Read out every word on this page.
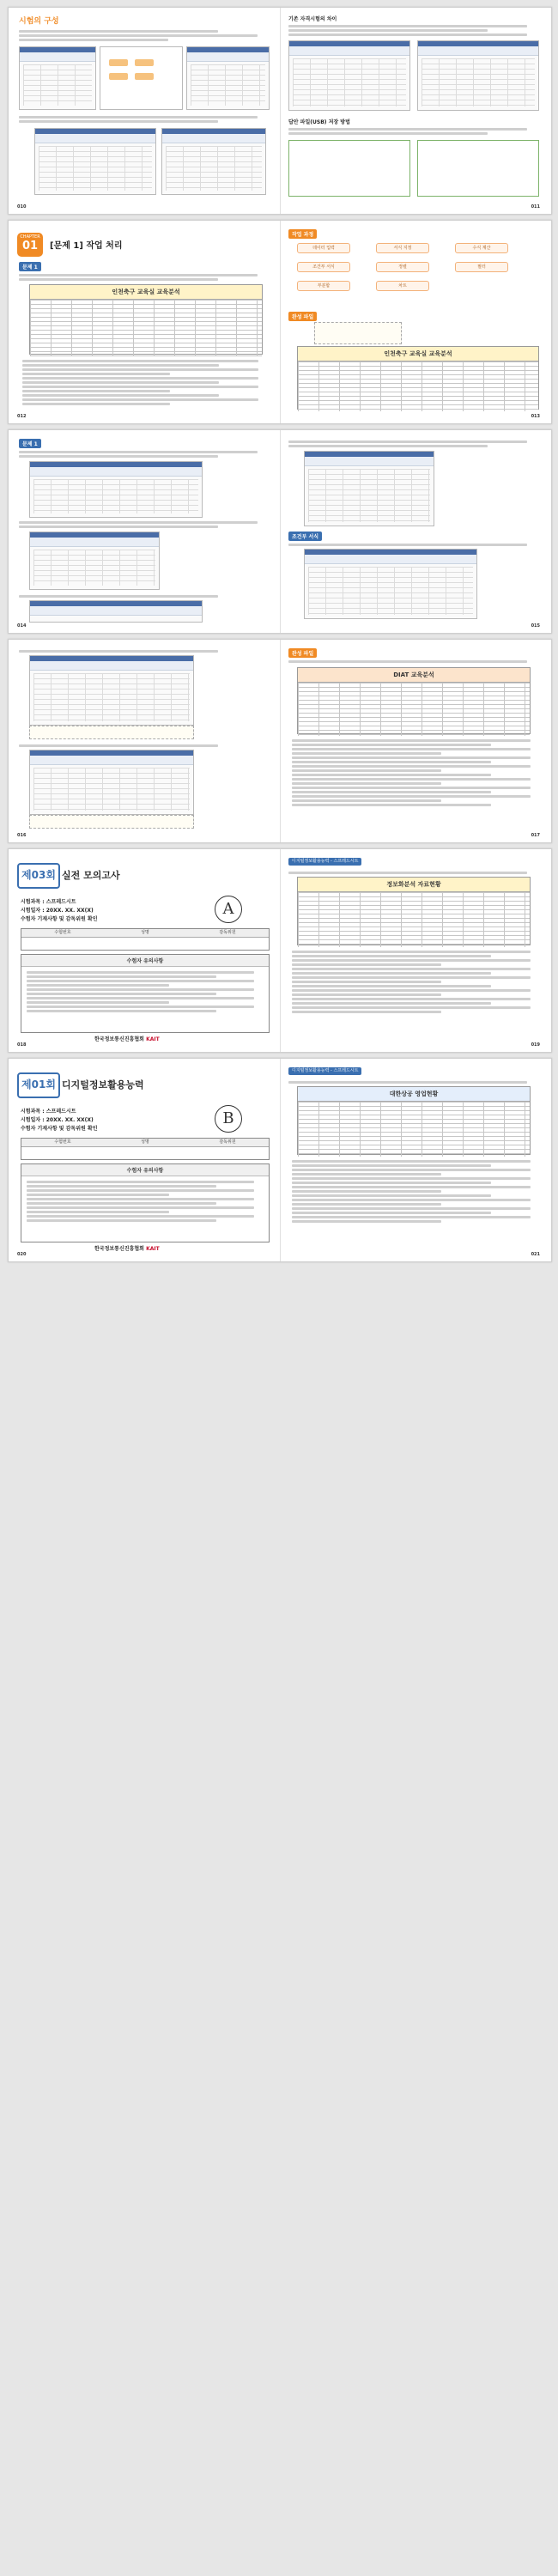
시험의 구성
010
기존 자격시험의 차이
답안 파일(USB) 저장 방법
011
CHAPTER
01	[문제 1] 작업 처리
문제 1
인천축구 교육실 교육분석
012
작업 과정
데이터 입력	서식 지정	수식 계산
조건부 서식	정렬	필터
부분합	차트
완성 파일
인천축구 교육실 교육분석
013
문제 1
014
조건부 서식
015
016
완성 파일
DIAT 교육분석
017
제03회 실전 모의고사
시험과목 : 스프레드시트
시험일자 : 20XX. XX. XX(X)
수험자 기재사항 및 감독위원 확인
A
수험번호	성명	감독위원
수험자 유의사항
한국정보통신진흥협회 KAIT
018
디지털정보활용능력 - 스프레드시트
정보화분석 자료현황
019
제01회 디지털정보활용능력
시험과목 : 스프레드시트
시험일자 : 20XX. XX. XX(X)
수험자 기재사항 및 감독위원 확인
B
수험번호	성명	감독위원
수험자 유의사항
한국정보통신진흥협회 KAIT
020
디지털정보활용능력 - 스프레드시트
대한상공 영업현황
021
